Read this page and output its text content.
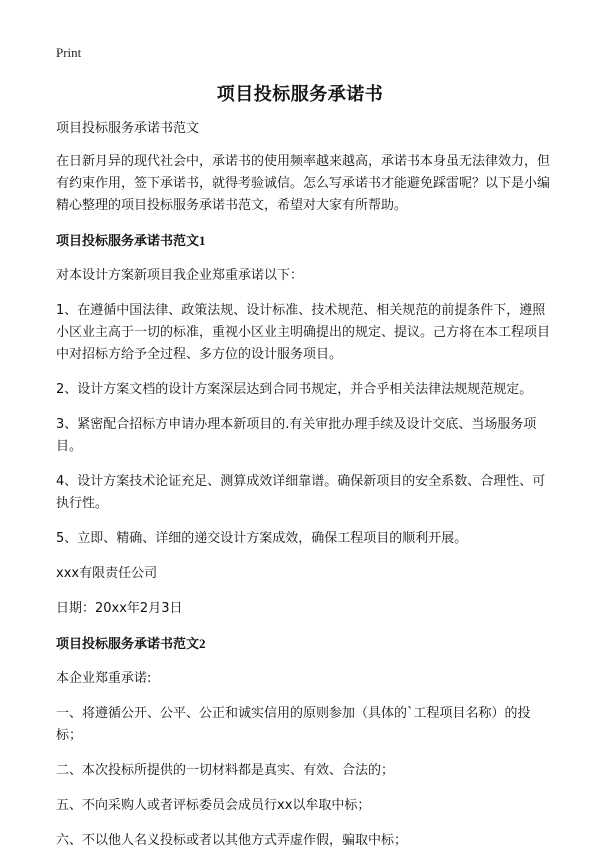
Print
项目投标服务承诺书

项目投标服务承诺书范文

在日新月异的现代社会中，承诺书的使用频率越来越高，承诺书本身虽无法律效力，但有约束作用，签下承诺书，就得考验诚信。怎么写承诺书才能避免踩雷呢？以下是小编精心整理的项目投标服务承诺书范文，希望对大家有所帮助。

项目投标服务承诺书范文1

对本设计方案新项目我企业郑重承诺以下：

1、在遵循中国法律、政策法规、设计标准、技术规范、相关规范的前提条件下，遵照小区业主高于一切的标准，重视小区业主明确提出的规定、提议。己方将在本工程项目中对招标方给予全过程、多方位的设计服务项目。

2、设计方案文档的设计方案深层达到合同书规定，并合乎相关法律法规规范规定。

3、紧密配合招标方申请办理本新项目的.有关审批办理手续及设计交底、当场服务项目。

4、设计方案技术论证充足、测算成效详细靠谱。确保新项目的安全系数、合理性、可执行性。

5、立即、精确、详细的递交设计方案成效，确保工程项目的顺利开展。

xxx有限责任公司

日期：20xx年2月3日

项目投标服务承诺书范文2

本企业郑重承诺:

一、将遵循公开、公平、公正和诚实信用的原则参加（具体的`工程项目名称）的投标；

二、本次投标所提供的一切材料都是真实、有效、合法的；

五、不向采购人或者评标委员会成员行xx以牟取中标；

六、不以他人名义投标或者以其他方式弄虚作假，骗取中标；
